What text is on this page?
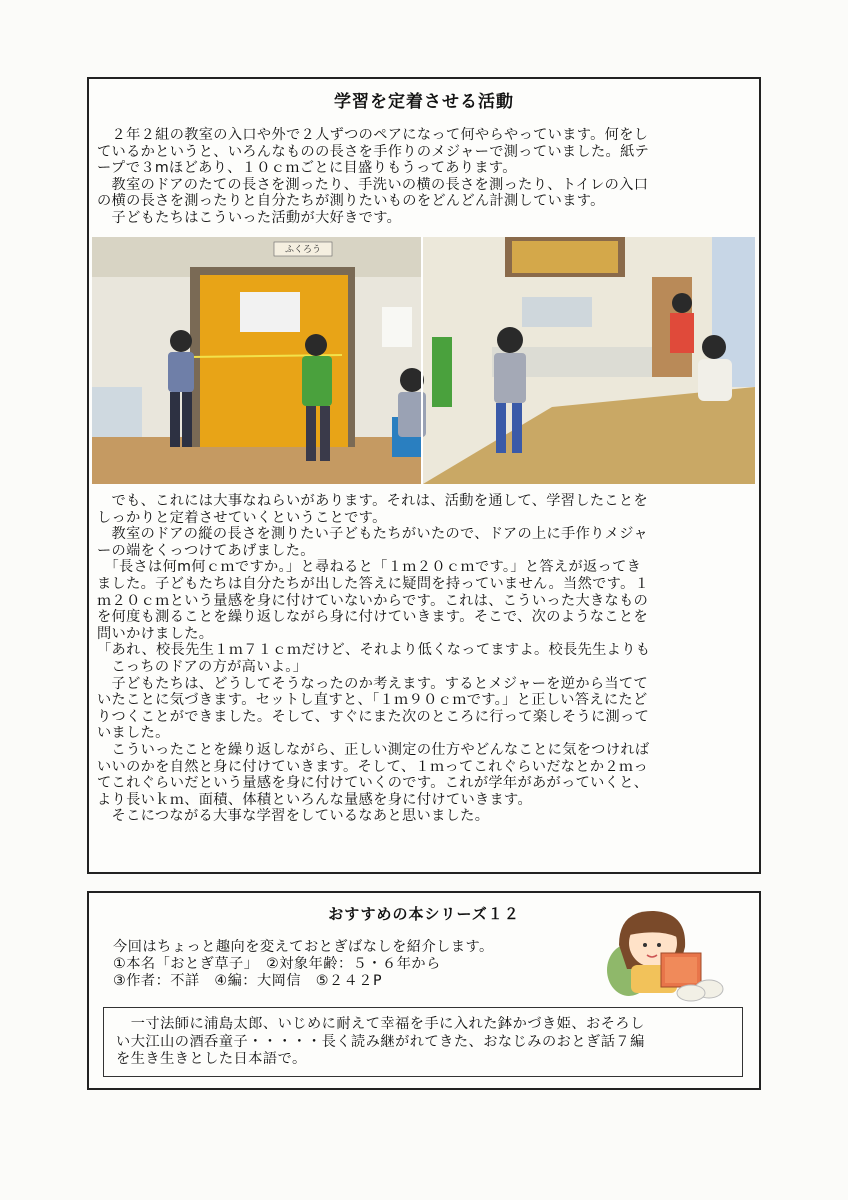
学習を定着させる活動

　２年２組の教室の入口や外で２人ずつのペアになって何やらやっています。何をし
ているかというと、いろんなものの長さを手作りのメジャーで測っていました。紙テ
ープで３mほどあり、１０ｃｍごとに目盛りもうってあります。
　教室のドアのたての長さを測ったり、手洗いの横の長さを測ったり、トイレの入口
の横の長さを測ったりと自分たちが測りたいものをどんどん計測しています。
　子どもたちはこういった活動が大好きです。

ふくろう

　でも、これには大事なねらいがあります。それは、活動を通して、学習したことを
しっかりと定着させていくということです。
　教室のドアの縦の長さを測りたい子どもたちがいたので、ドアの上に手作りメジャ
ーの端をくっつけてあげました。
　「長さは何m何ｃｍですか。」と尋ねると「１ｍ２０ｃｍです。」と答えが返ってき
ました。子どもたちは自分たちが出した答えに疑問を持っていません。当然です。１
ｍ２０ｃｍという量感を身に付けていないからです。これは、こういった大きなもの
を何度も測ることを繰り返しながら身に付けていきます。そこで、次のようなことを
問いかけました。
「あれ、校長先生１ｍ７１ｃｍだけど、それより低くなってますよ。校長先生よりも
　こっちのドアの方が高いよ。」
　子どもたちは、どうしてそうなったのか考えます。するとメジャーを逆から当てて
いたことに気づきます。セットし直すと、「１ｍ９０ｃｍです。」と正しい答えにたど
りつくことができました。そして、すぐにまた次のところに行って楽しそうに測って
いました。
　こういったことを繰り返しながら、正しい測定の仕方やどんなことに気をつければ
いいのかを自然と身に付けていきます。そして、１ｍってこれぐらいだなとか２ｍっ
てこれぐらいだという量感を身に付けていくのです。これが学年があがっていくと、
より長いｋｍ、面積、体積といろんな量感を身に付けていきます。
　そこにつながる大事な学習をしているなあと思いました。

おすすめの本シリーズ１２

今回はちょっと趣向を変えておとぎばなしを紹介します。
①本名「おとぎ草子」　②対象年齢：５・６年から
③作者：不詳　④編：大岡信　⑤２４２P

　一寸法師に浦島太郎、いじめに耐えて幸福を手に入れた鉢かづき姫、おそろし
い大江山の酒呑童子・・・・・長く読み継がれてきた、おなじみのおとぎ話７編
を生き生きとした日本語で。
